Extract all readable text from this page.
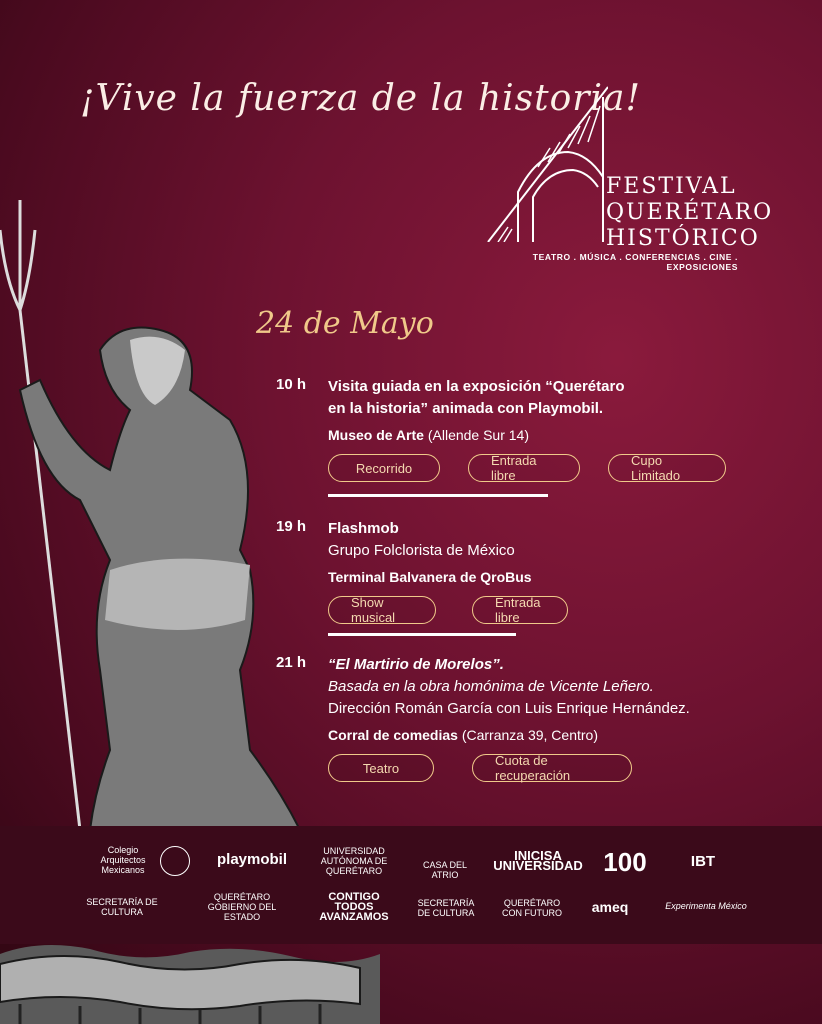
¡Vive la fuerza de la historia!
FESTIVAL
QUERÉTARO
HISTÓRICO
TEATRO . MÚSICA . CONFERENCIAS . CINE . EXPOSICIONES
24 de Mayo
10 h Visita guiada en la exposición “Querétaro
en la historia” animada con Playmobil.
Museo de Arte (Allende Sur 14)
Recorrido	Entrada libre
Cupo Limitado
19 h Flashmob
Grupo Folclorista de México
Terminal Balvanera de QroBus
Show musical
Entrada libre
21 h “El Martirio de Morelos”.
Basada en la obra homónima de Vicente Leñero.
Dirección Román García con Luis Enrique Hernández.
Corral de comedias (Carranza 39, Centro)
Teatro	Cuota de recuperación
Colegio Arquitectos Mexicanos
playmobil	UNIVERSIDAD AUTÓNOMA DE QUERÉTARO
CASA DEL ATRIO
INICISA UNIVERSIDAD 100	IBT
SECRETARÍA DE CULTURA
QUERÉTARO GOBIERNO DEL ESTADO
CONTIGO TODOS AVANZAMOS
SECRETARÍA DE CULTURA
QUERÉTARO CON FUTURO	ameq	Experimenta México
